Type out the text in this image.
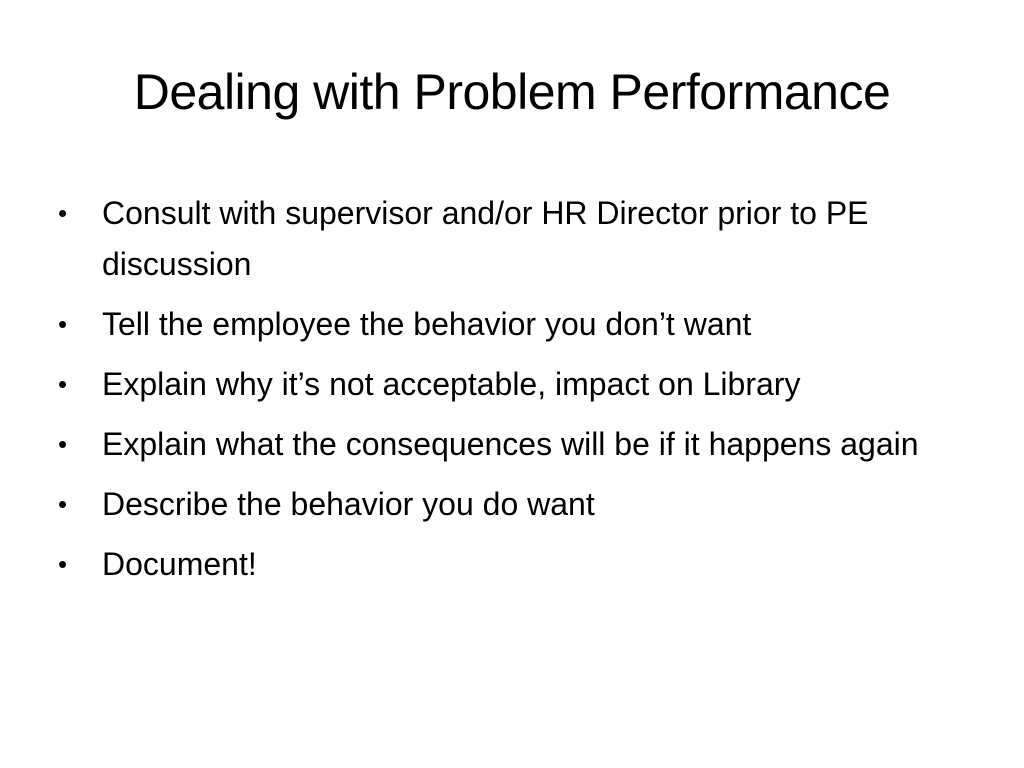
Dealing with Problem Performance
•	Consult with supervisor and/or HR Director prior to PE discussion
•	Tell the employee the behavior you don’t want
•	Explain why it’s not acceptable, impact on Library
•	Explain what the consequences will be if it happens again
•	Describe the behavior you do want
•	Document!
